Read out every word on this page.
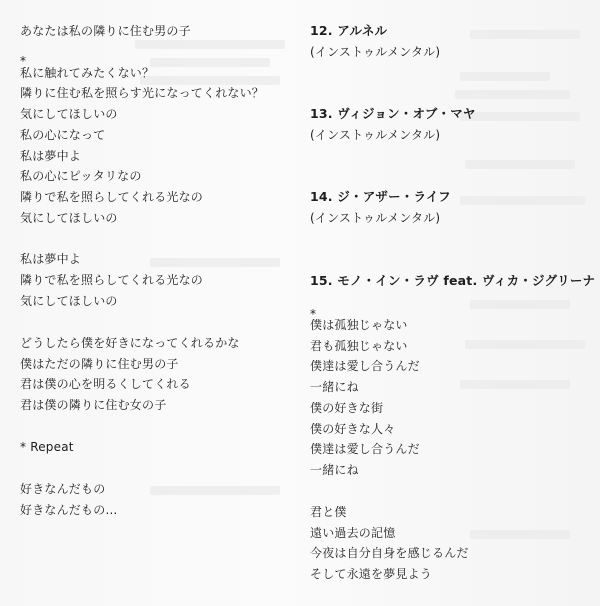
あなたは私の隣りに住む男の子
*
私に触れてみたくない？
隣りに住む私を照らす光になってくれない？
気にしてほしいの
私の心になって
私は夢中よ
私の心にピッタリなの
隣りで私を照らしてくれる光なの
気にしてほしいの
私は夢中よ
隣りで私を照らしてくれる光なの
気にしてほしいの
どうしたら僕を好きになってくれるかな
僕はただの隣りに住む男の子
君は僕の心を明るくしてくれる
君は僕の隣りに住む女の子
* Repeat
好きなんだもの
好きなんだもの…
12. アルネル
(インストゥルメンタル)
13. ヴィジョン・オブ・マヤ
(インストゥルメンタル)
14. ジ・アザー・ライフ
(インストゥルメンタル)
15. モノ・イン・ラヴ feat. ヴィカ・ジグリーナ
*
僕は孤独じゃない
君も孤独じゃない
僕達は愛し合うんだ
一緒にね
僕の好きな街
僕の好きな人々
僕達は愛し合うんだ
一緒にね
君と僕
遠い過去の記憶
今夜は自分自身を感じるんだ
そして永遠を夢見よう
